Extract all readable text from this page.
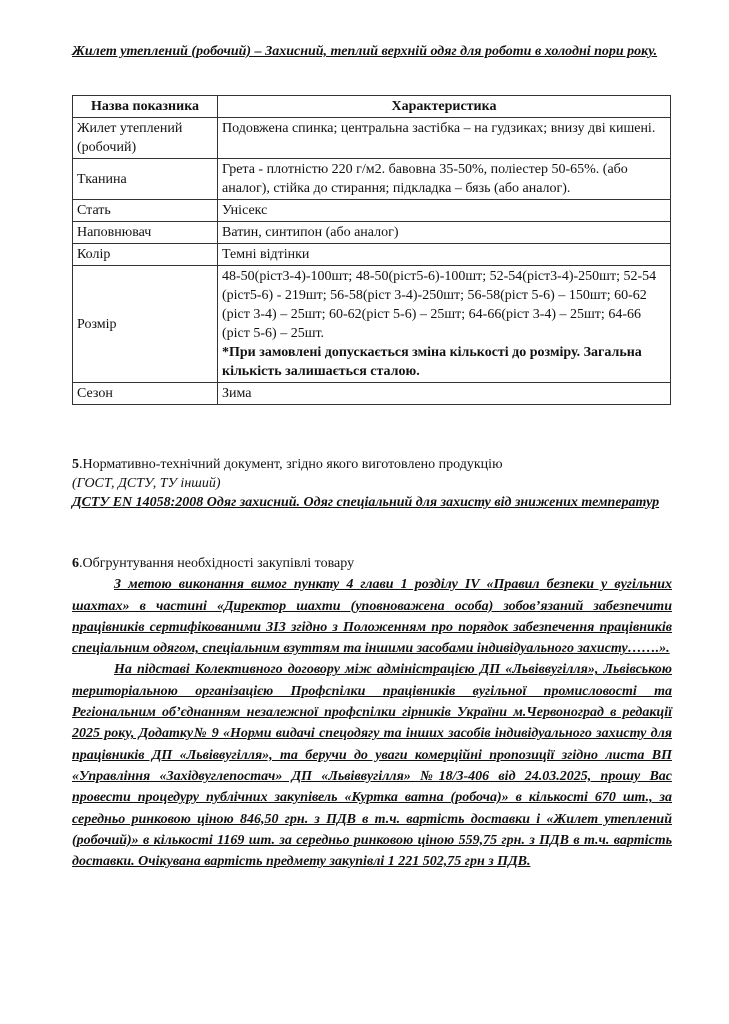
Жилет утеплений (робочий) – Захисний, теплий верхній одяг для роботи в холодні пори року.
Назва показника	Характеристика
Жилет утеплений (робочий)	Подовжена спинка; центральна застібка – на гудзиках; внизу дві кишені.
Тканина	Грета - плотністю 220 г/м2. бавовна 35-50%, поліестер 50-65%. (або аналог), стійка до стирання; підкладка – бязь (або аналог).
Стать	Унісекс
Наповнювач	Ватин, синтипон (або аналог)
Колір	Темні відтінки
Розмір	48-50(ріст3-4)-100шт; 48-50(ріст5-6)-100шт; 52-54(ріст3-4)-250шт; 52-54 (ріст5-6) - 219шт; 56-58(ріст 3-4)-250шт; 56-58(ріст 5-6) – 150шт; 60-62 (ріст 3-4) – 25шт; 60-62(ріст 5-6) – 25шт; 64-66(ріст 3-4) – 25шт; 64-66 (ріст 5-6) – 25шт.
*При замовлені допускається зміна кількості до розміру. Загальна кількість залишається сталою.
Сезон	Зима
5.Нормативно-технічний документ, згідно якого виготовлено продукцію
(ГОСТ, ДСТУ, ТУ інший)
ДСТУ EN 14058:2008 Одяг захисний. Одяг спеціальний для захисту від знижених температур
6.Обгрунтування необхідності закупівлі товару

З метою виконання вимог пункту 4 глави 1 розділу ІV «Правил безпеки у вугільних шахтах» в частині «Директор шахти (уповноважена особа) зобов’язаний забезпечити працівників сертифікованими ЗІЗ згідно з Положенням про порядок забезпечення працівників спеціальним одягом, спеціальним взуттям та іншими засобами індивідуального захисту…….».

На підставі Колективного договору між адміністрацією ДП «Львіввугілля», Львівською територіальною організацією Профспілки працівників вугільної промисловості та Регіональним об’єднанням незалежної профспілки гірників України м.Червоноград в редакції 2025 року, Додатку№ 9 «Норми видачі спецодягу та інших засобів індивідуального захисту для працівників ДП «Львіввугілля», та беручи до уваги комерційні пропозиції згідно листа ВП «Управління «Західвуглепостач» ДП «Львіввугілля» №18/3-406 від 24.03.2025, прошу Вас провести процедуру публічних закупівель «Куртка ватна (робоча)» в кількості 670 шт., за середньо ринковою ціною 846,50 грн. з ПДВ в т.ч. вартість доставки і «Жилет утеплений (робочий)» в кількості 1169 шт. за середньо ринковою ціною 559,75 грн. з ПДВ в т.ч. вартість доставки. Очікувана вартість предмету закупівлі 1 221 502,75 грн з ПДВ.
